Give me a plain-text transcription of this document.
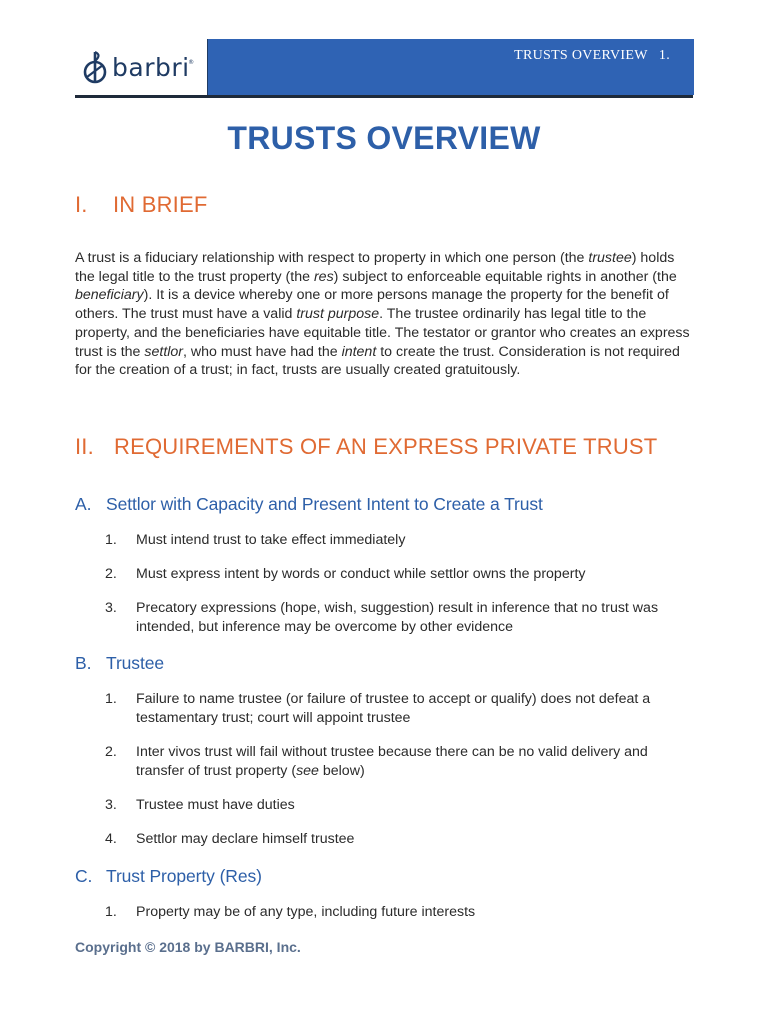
barbri
®	TRUSTS OVERVIEW   1.
TRUSTS OVERVIEW
I. IN BRIEF
A trust is a fiduciary relationship with respect to property in which one person (the trustee) holds the legal title to the trust property (the res) subject to enforceable equitable rights in another (the beneficiary). It is a device whereby one or more persons manage the property for the benefit of others. The trust must have a valid trust purpose. The trustee ordinarily has legal title to the property, and the beneficiaries have equitable title. The testator or grantor who creates an express trust is the settlor, who must have had the intent to create the trust. Consideration is not required for the creation of a trust; in fact, trusts are usually created gratuitously.
II. REQUIREMENTS OF AN EXPRESS PRIVATE TRUST
A. Settlor with Capacity and Present Intent to Create a Trust
1. Must intend trust to take effect immediately
2. Must express intent by words or conduct while settlor owns the property
3. Precatory expressions (hope, wish, suggestion) result in inference that no trust was intended, but inference may be overcome by other evidence
B. Trustee
1. Failure to name trustee (or failure of trustee to accept or qualify) does not defeat a testamentary trust; court will appoint trustee
2. Inter vivos trust will fail without trustee because there can be no valid delivery and transfer of trust property (see below)
3. Trustee must have duties
4. Settlor may declare himself trustee
C. Trust Property (Res)
1. Property may be of any type, including future interests
Copyright © 2018 by BARBRI, Inc.
